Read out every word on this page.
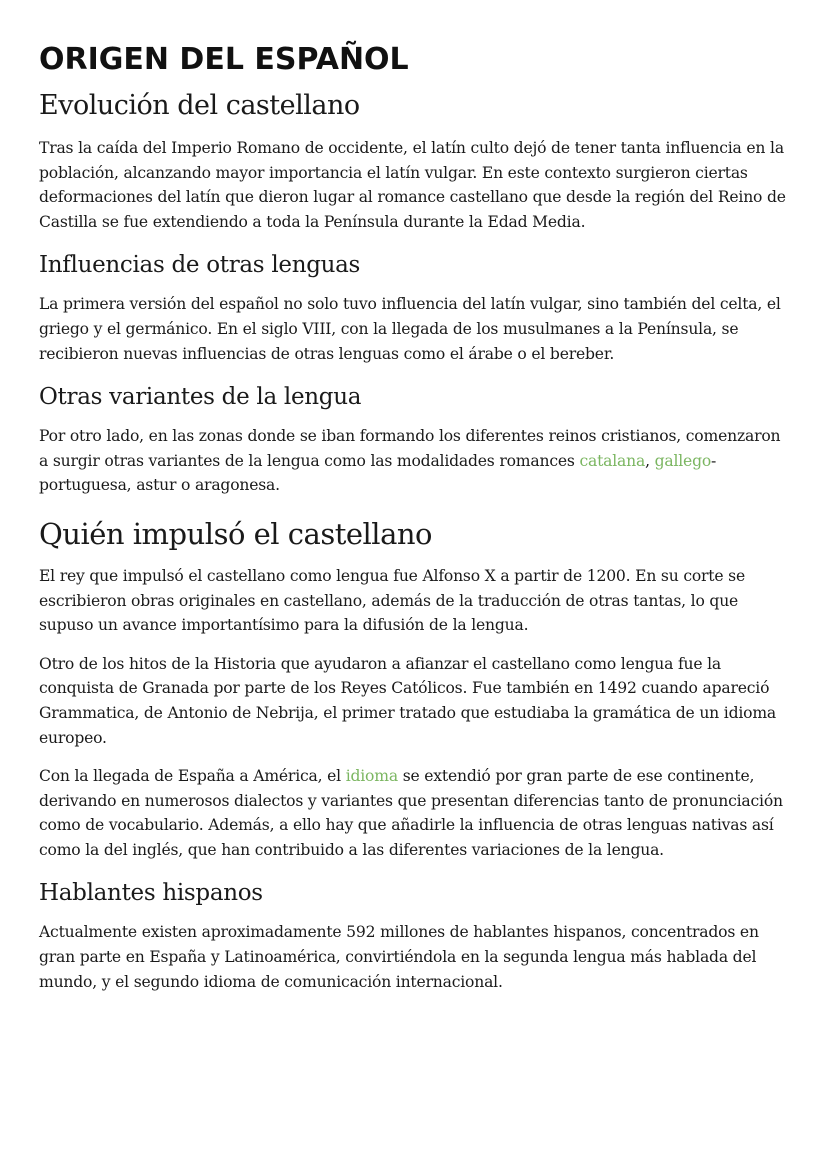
ORIGEN DEL ESPAÑOL
Evolución del castellano

Tras la caída del Imperio Romano de occidente, el latín culto dejó de tener tanta influencia en la población, alcanzando mayor importancia el latín vulgar. En este contexto surgieron ciertas deformaciones del latín que dieron lugar al romance castellano que desde la región del Reino de Castilla se fue extendiendo a toda la Península durante la Edad Media.

Influencias de otras lenguas

La primera versión del español no solo tuvo influencia del latín vulgar, sino también del celta, el griego y el germánico. En el siglo VIII, con la llegada de los musulmanes a la Península, se recibieron nuevas influencias de otras lenguas como el árabe o el bereber.

Otras variantes de la lengua

Por otro lado, en las zonas donde se iban formando los diferentes reinos cristianos, comenzaron a surgir otras variantes de la lengua como las modalidades romances catalana, gallego-portuguesa, astur o aragonesa.

Quién impulsó el castellano

El rey que impulsó el castellano como lengua fue Alfonso X a partir de 1200. En su corte se escribieron obras originales en castellano, además de la traducción de otras tantas, lo que supuso un avance importantísimo para la difusión de la lengua.

Otro de los hitos de la Historia que ayudaron a afianzar el castellano como lengua fue la conquista de Granada por parte de los Reyes Católicos. Fue también en 1492 cuando apareció Grammatica, de Antonio de Nebrija, el primer tratado que estudiaba la gramática de un idioma europeo.

Con la llegada de España a América, el idioma se extendió por gran parte de ese continente, derivando en numerosos dialectos y variantes que presentan diferencias tanto de pronunciación como de vocabulario. Además, a ello hay que añadirle la influencia de otras lenguas nativas así como la del inglés, que han contribuido a las diferentes variaciones de la lengua.

Hablantes hispanos

Actualmente existen aproximadamente 592 millones de hablantes hispanos, concentrados en gran parte en España y Latinoamérica, convirtiéndola en la segunda lengua más hablada del mundo, y el segundo idioma de comunicación internacional.
